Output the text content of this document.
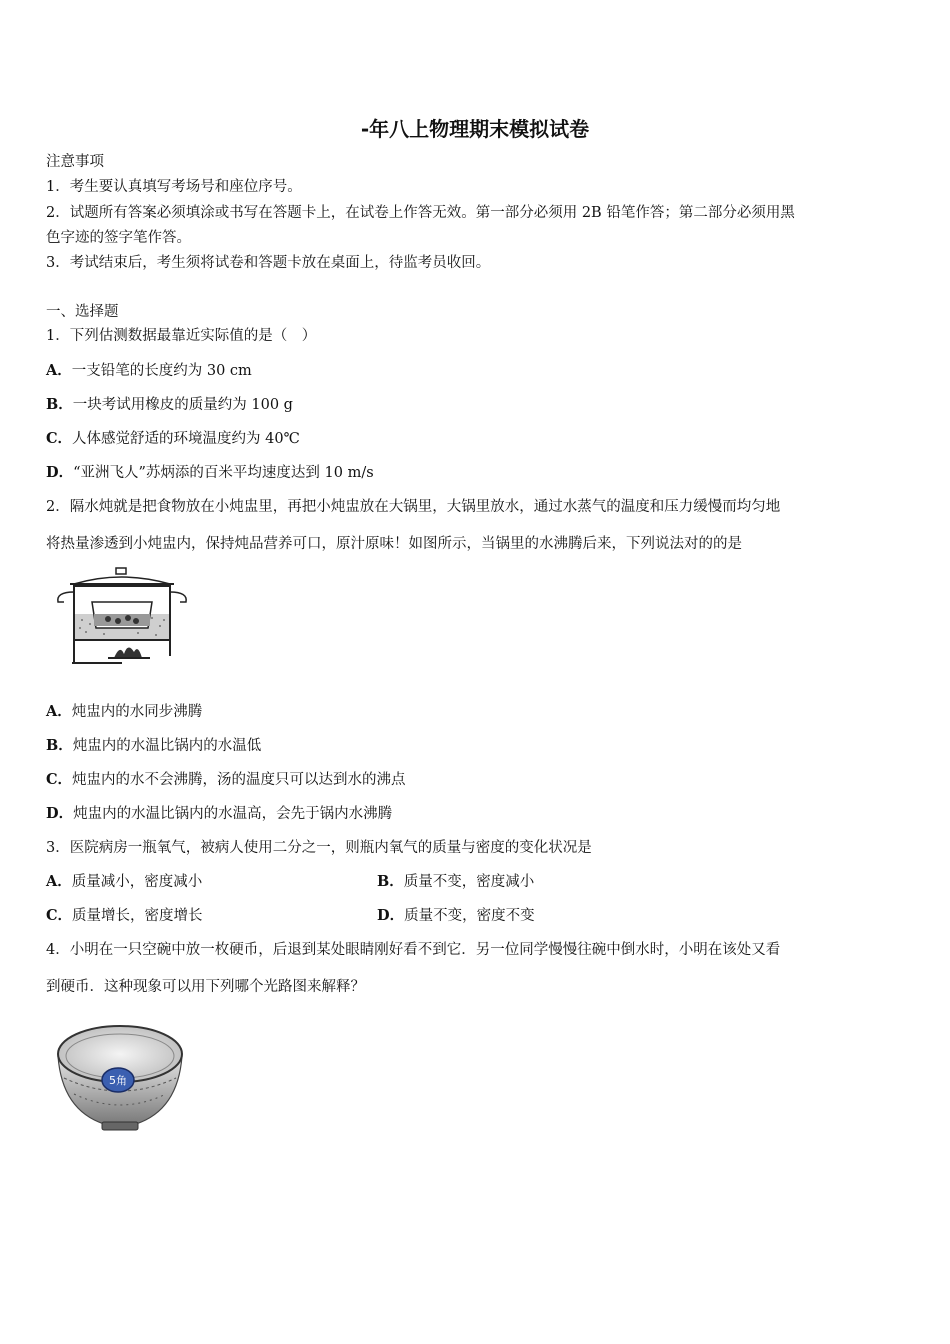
-年八上物理期末模拟试卷
注意事项
1．考生要认真填写考场号和座位序号。
2．试题所有答案必须填涂或书写在答题卡上，在试卷上作答无效。第一部分必须用 2B 铅笔作答；第二部分必须用黑
色字迹的签字笔作答。
3．考试结束后，考生须将试卷和答题卡放在桌面上，待监考员收回。
一、选择题
1．下列估测数据最靠近实际值的是（　）
A．一支铅笔的长度约为 30 cm
B．一块考试用橡皮的质量约为 100 g
C．人体感觉舒适的环境温度约为 40℃
D．“亚洲飞人”苏炳添的百米平均速度达到 10 m/s
2．隔水炖就是把食物放在小炖盅里，再把小炖盅放在大锅里，大锅里放水，通过水蒸气的温度和压力缓慢而均匀地
将热量渗透到小炖盅内，保持炖品营养可口，原汁原味！如图所示，当锅里的水沸腾后来，下列说法对的的是
A．炖盅内的水同步沸腾
B．炖盅内的水温比锅内的水温低
C．炖盅内的水不会沸腾，汤的温度只可以达到水的沸点
D．炖盅内的水温比锅内的水温高，会先于锅内水沸腾
3．医院病房一瓶氧气，被病人使用二分之一，则瓶内氧气的质量与密度的变化状况是
A．质量减小，密度减小	B．质量不变，密度减小
C．质量增长，密度增长	D．质量不变，密度不变
4．小明在一只空碗中放一枚硬币，后退到某处眼睛刚好看不到它．另一位同学慢慢往碗中倒水时，小明在该处又看
到硬币．这种现象可以用下列哪个光路图来解释？
5角
